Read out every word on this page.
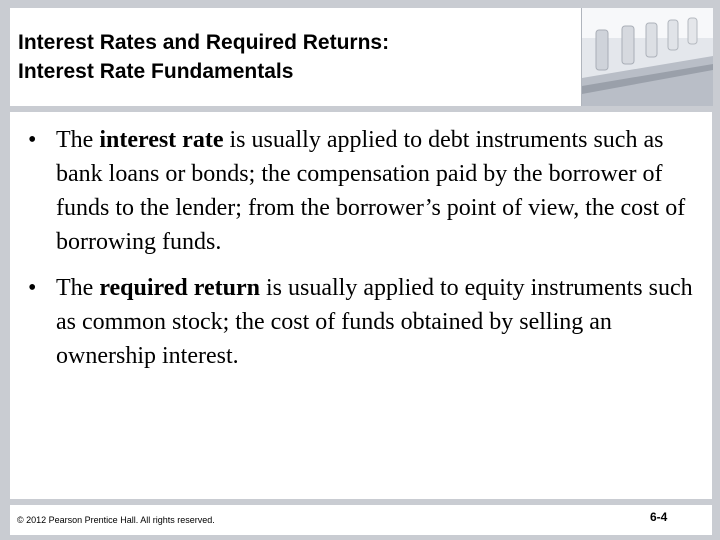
Interest Rates and Required Returns:
Interest Rate Fundamentals
• The interest rate is usually applied to debt instruments such as bank loans or bonds; the compensation paid by the borrower of funds to the lender; from the borrower’s point of view, the cost of borrowing funds.
• The required return is usually applied to equity instruments such as common stock; the cost of funds obtained by selling an ownership interest.
© 2012 Pearson Prentice Hall. All rights reserved.	6-4
